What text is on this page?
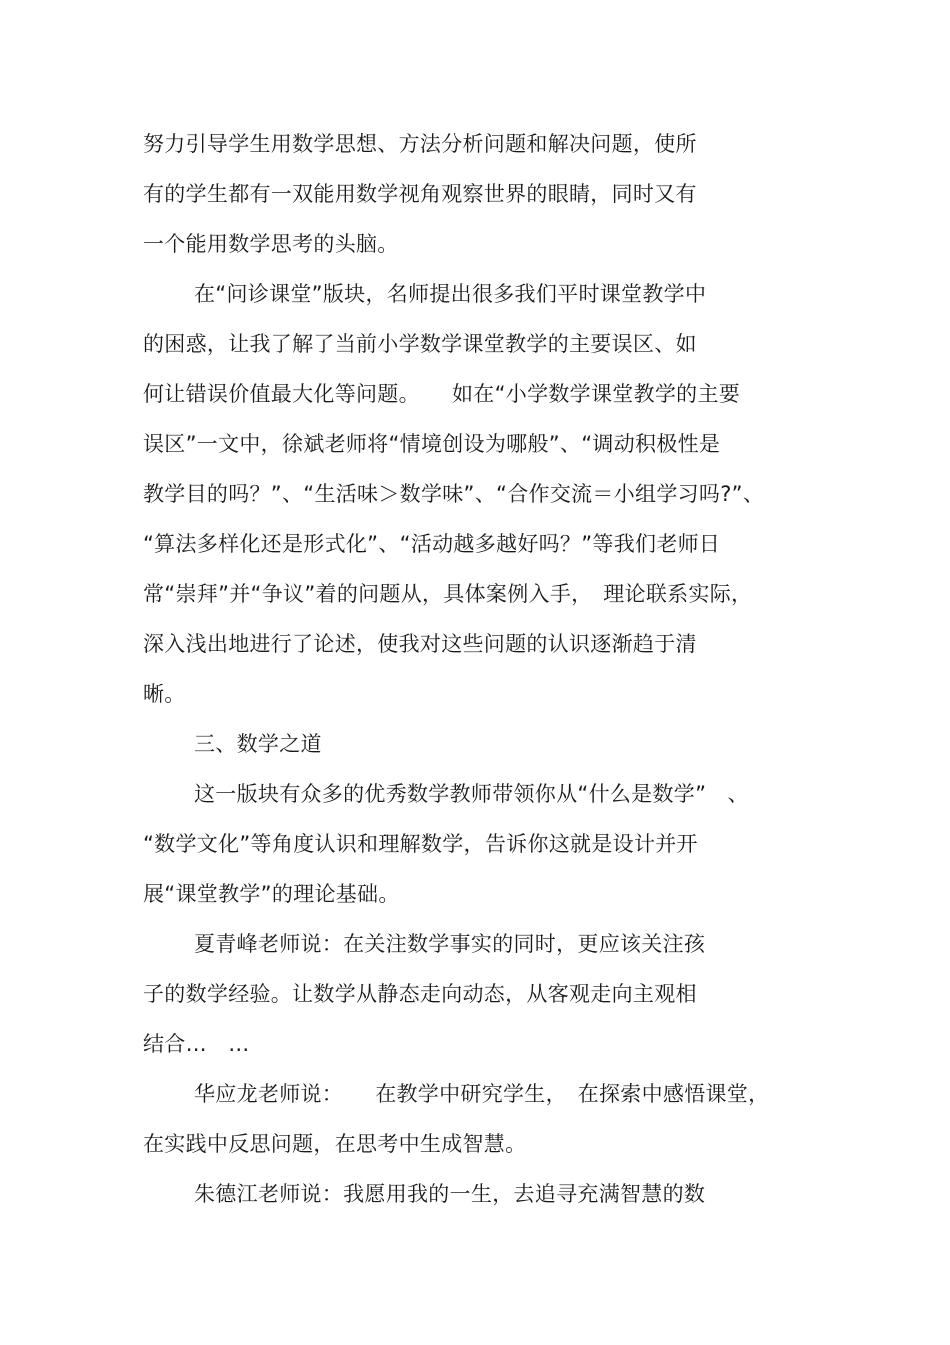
努力引导学生用数学思想、方法分析问题和解决问题，使所
有的学生都有一双能用数学视角观察世界的眼睛，同时又有
一个能用数学思考的头脑。
在“问诊课堂”版块，名师提出很多我们平时课堂教学中
的困惑，让我了解了当前小学数学课堂教学的主要误区、如
何让错误价值最大化等问题。　　如在“小学数学课堂教学的主要
误区”一文中，徐斌老师将“情境创设为哪般”、“调动积极性是
教学目的吗？”、“生活味＞数学味”、“合作交流＝小组学习吗?”、
“算法多样化还是形式化”、“活动越多越好吗？”等我们老师日
常“崇拜”并“争议”着的问题从，具体案例入手，　理论联系实际，
深入浅出地进行了论述，使我对这些问题的认识逐渐趋于清
晰。
三、数学之道
这一版块有众多的优秀数学教师带领你从“什么是数学”　、
“数学文化”等角度认识和理解数学，告诉你这就是设计并开
展“课堂教学”的理论基础。
夏青峰老师说：在关注数学事实的同时，更应该关注孩
子的数学经验。让数学从静态走向动态，从客观走向主观相
结合…　…
华应龙老师说：　　在教学中研究学生，　在探索中感悟课堂，
在实践中反思问题，在思考中生成智慧。
朱德江老师说：我愿用我的一生，去追寻充满智慧的数
